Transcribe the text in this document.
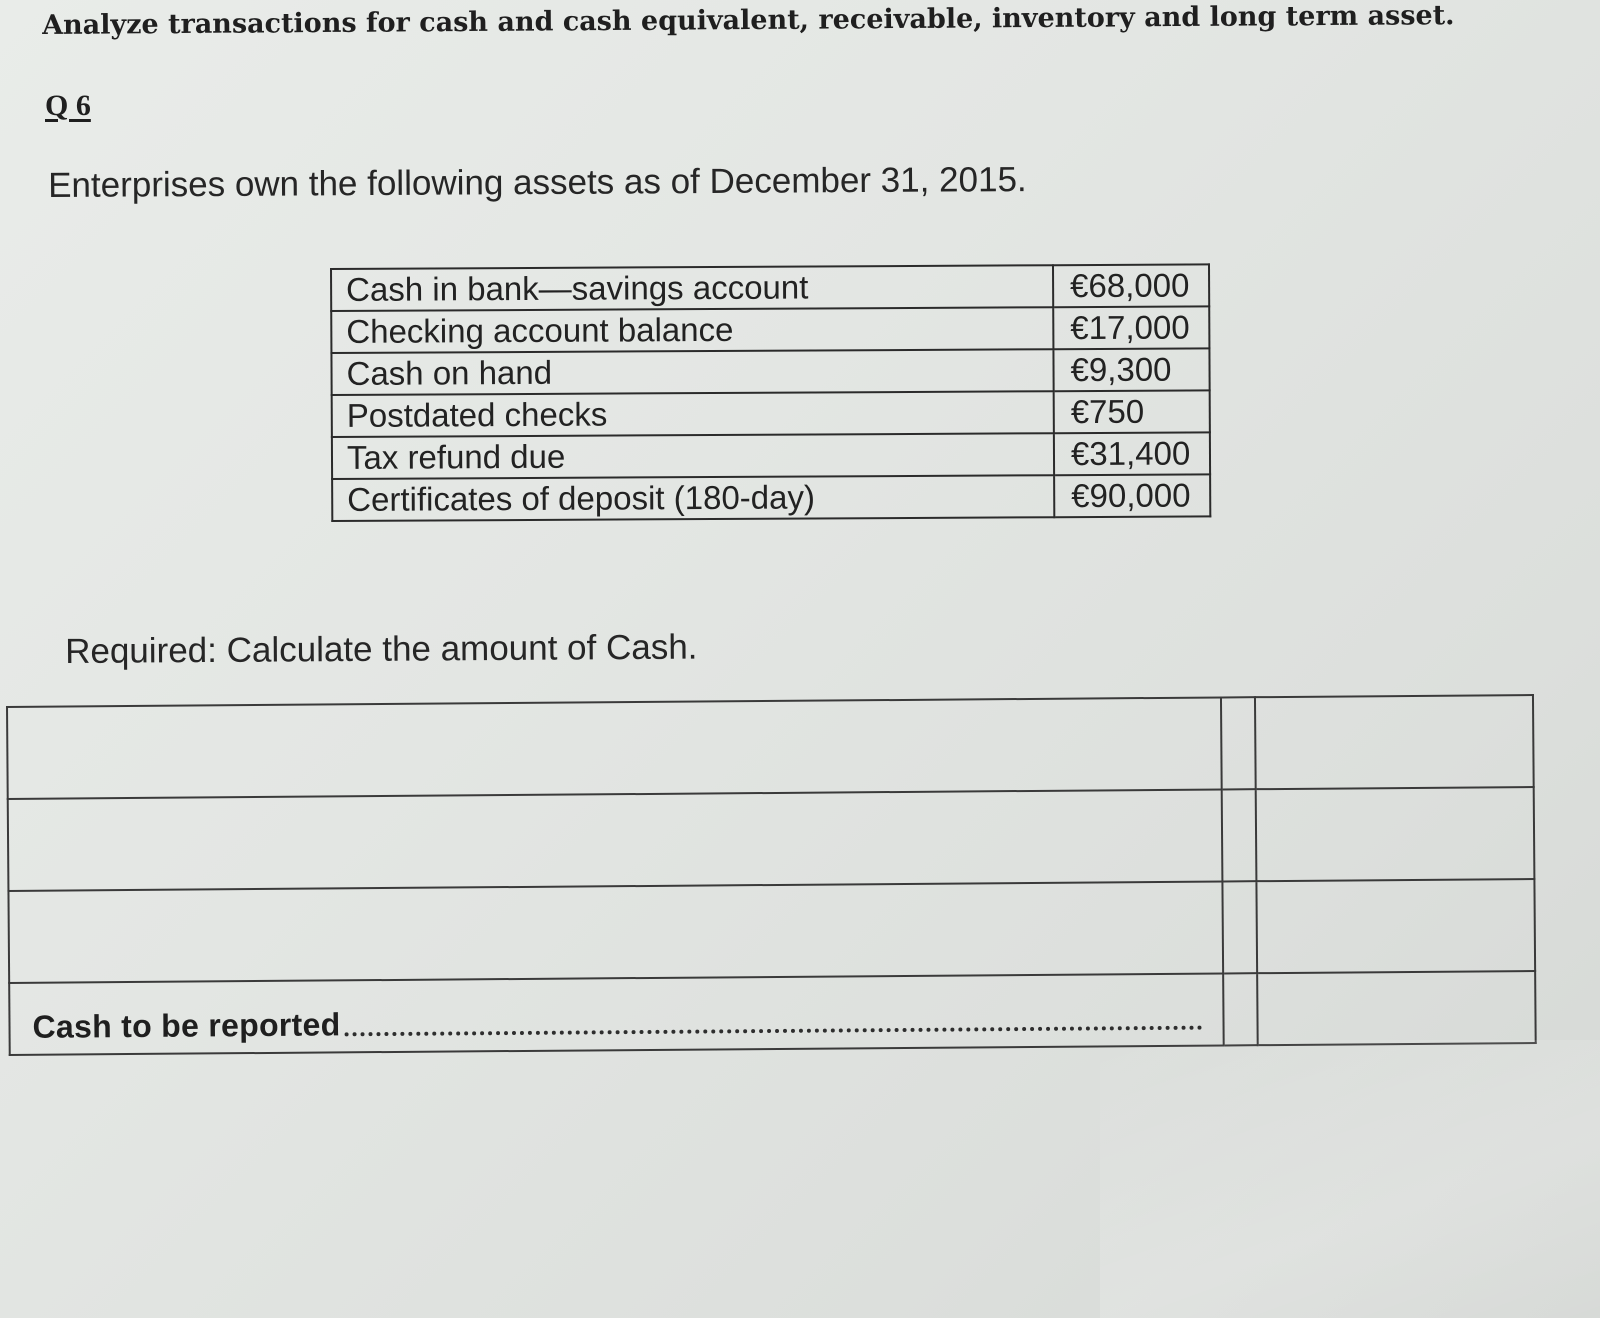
Analyze transactions for cash and cash equivalent, receivable, inventory and long term asset.
Q 6
Enterprises own the following assets as of December 31, 2015.
Cash in bank—savings account	€68,000
Checking account balance	€17,000
Cash on hand	€9,300
Postdated checks	€750
Tax refund due	€31,400
Certificates of deposit (180-day)	€90,000
Required: Calculate the amount of Cash.

Cash to be reported		
